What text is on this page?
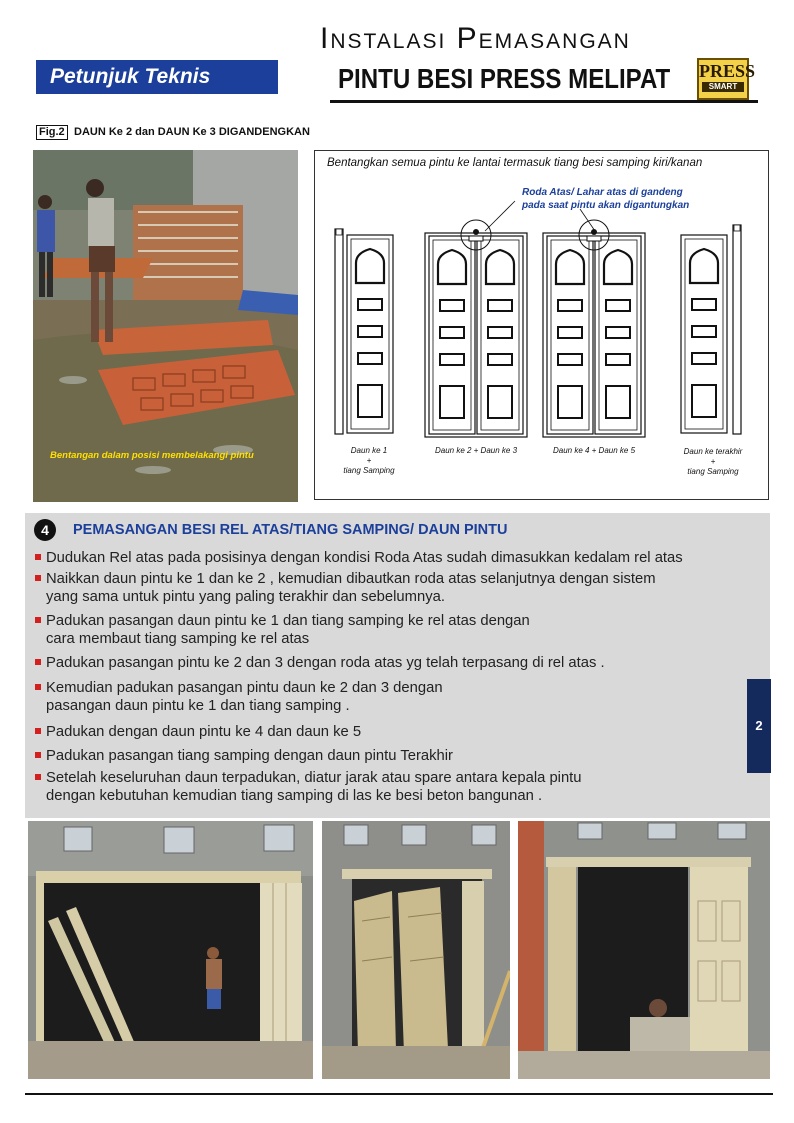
Instalasi Pemasangan
PINTU BESI PRESS MELIPAT
Petunjuk Teknis	PRESS
SMART
Fig.2 DAUN Ke 2 dan DAUN Ke 3 DIGANDENGKAN
Bentangan dalam posisi membelakangi pintu
Bentangkan semua pintu ke lantai termasuk tiang besi samping kiri/kanan
Roda Atas/ Lahar atas di gandeng
pada saat pintu akan digantungkan
Daun ke 1
+
tiang Samping
Daun ke 2 + Daun ke 3	Daun ke 4 + Daun ke 5	Daun ke terakhir
+
tiang Samping
4	PEMASANGAN BESI REL ATAS/TIANG SAMPING/ DAUN PINTU
Dudukan Rel atas pada posisinya dengan kondisi Roda Atas sudah dimasukkan kedalam rel atas
Naikkan daun pintu ke 1 dan ke 2 , kemudian dibautkan roda atas selanjutnya dengan sistem
yang sama untuk pintu yang paling terakhir dan sebelumnya.
Padukan pasangan daun pintu ke 1 dan tiang samping ke rel atas dengan
cara membaut tiang samping ke rel atas
Padukan pasangan pintu ke 2 dan 3 dengan roda atas yg telah terpasang di rel atas .
Kemudian padukan pasangan pintu daun ke 2 dan 3 dengan
pasangan daun pintu ke 1 dan tiang samping .
Padukan dengan daun pintu ke 4 dan daun ke 5
Padukan pasangan tiang samping dengan daun pintu Terakhir
Setelah keseluruhan daun terpadukan, diatur jarak atau spare antara kepala pintu
dengan kebutuhan kemudian tiang samping di las ke besi beton bangunan .
2
